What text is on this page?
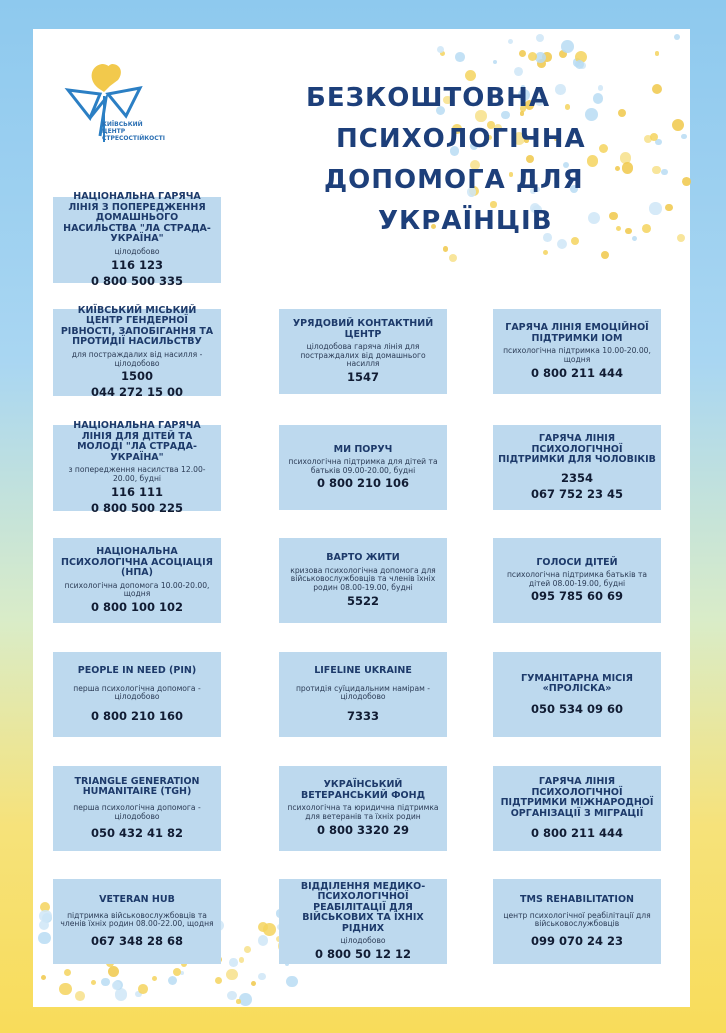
КИЇВСЬКИЙ
ЦЕНТР
СТРЕСОСТІЙКОСТІ
БЕЗКОШТОВНА
ПСИХОЛОГІЧНА
ДОПОМОГА ДЛЯ
УКРАЇНЦІВ
НАЦІОНАЛЬНА ГАРЯЧА ЛІНІЯ З ПОПЕРЕДЖЕННЯ ДОМАШНЬОГО НАСИЛЬСТВА "ЛА СТРАДА-УКРАЇНА"
цілодобово
116 123
0 800 500 335
КИЇВСЬКИЙ МІСЬКИЙ ЦЕНТР ГЕНДЕРНОЇ РІВНОСТІ, ЗАПОБІГАННЯ ТА ПРОТИДІЇ НАСИЛЬСТВУ
для постраждалих від насилля - цілодобово
1500
044 272 15 00
УРЯДОВИЙ КОНТАКТНИЙ ЦЕНТР
цілодобова гаряча лінія для постраждалих від домашнього насилля
1547
ГАРЯЧА ЛІНІЯ ЕМОЦІЙНОЇ ПІДТРИМКИ ІОМ
психологічна підтримка 10.00-20.00, щодня
0 800 211 444
НАЦІОНАЛЬНА ГАРЯЧА ЛІНІЯ ДЛЯ ДІТЕЙ ТА МОЛОДІ "ЛА СТРАДА-УКРАЇНА"
з попередження насилства 12.00-20.00, будні
116 111
0 800 500 225
МИ ПОРУЧ
психологічна підтримка для дітей та батьків 09.00-20.00, будні
0 800 210 106
ГАРЯЧА ЛІНІЯ ПСИХОЛОГІЧНОЇ ПІДТРИМКИ ДЛЯ ЧОЛОВІКІВ
2354
067 752 23 45
НАЦІОНАЛЬНА ПСИХОЛОГІЧНА АСОЦІАЦІЯ (НПА)
психологічна допомога 10.00-20.00, щодня
0 800 100 102
ВАРТО ЖИТИ
кризова психологічна допомога для військовослужбовців та членів їхніх родин 08.00-19.00, будні
5522
ГОЛОСИ ДІТЕЙ
психологічна підтримка батьків та дітей 08.00-19.00, будні
095 785 60 69
PEOPLE IN NEED (PIN)
перша психологічна допомога - цілодобово
0 800 210 160
LIFELINE UKRAINE
протидія суїцидальним намірам - цілодобово
7333
ГУМАНІТАРНА МІСІЯ «ПРОЛІСКА»
050 534 09 60
TRIANGLE GENERATION HUMANITAIRE (TGH)
перша психологічна допомога - цілодобово
050 432 41 82
УКРАЇНСЬКИЙ ВЕТЕРАНСЬКИЙ ФОНД
психологічна та юридична підтримка для ветеранів та їхніх родин
0 800 3320 29
ГАРЯЧА ЛІНІЯ ПСИХОЛОГІЧНОЇ ПІДТРИМКИ МІЖНАРОДНОЇ ОРГАНІЗАЦІЇ З МІГРАЦІЇ
0 800 211 444
VETERAN HUB
підтримка військовослужбовців та членів їхніх родин 08.00-22.00, щодня
067 348 28 68
ВІДДІЛЕННЯ МЕДИКО-ПСИХОЛОГІЧНОЇ РЕАБІЛІТАЦІЇ ДЛЯ ВІЙСЬКОВИХ ТА ЇХНІХ РІДНИХ
цілодобово
0 800 50 12 12
TMS REHABILITATION
центр психологічної реабілітації для військовослужбовців
099 070 24 23
